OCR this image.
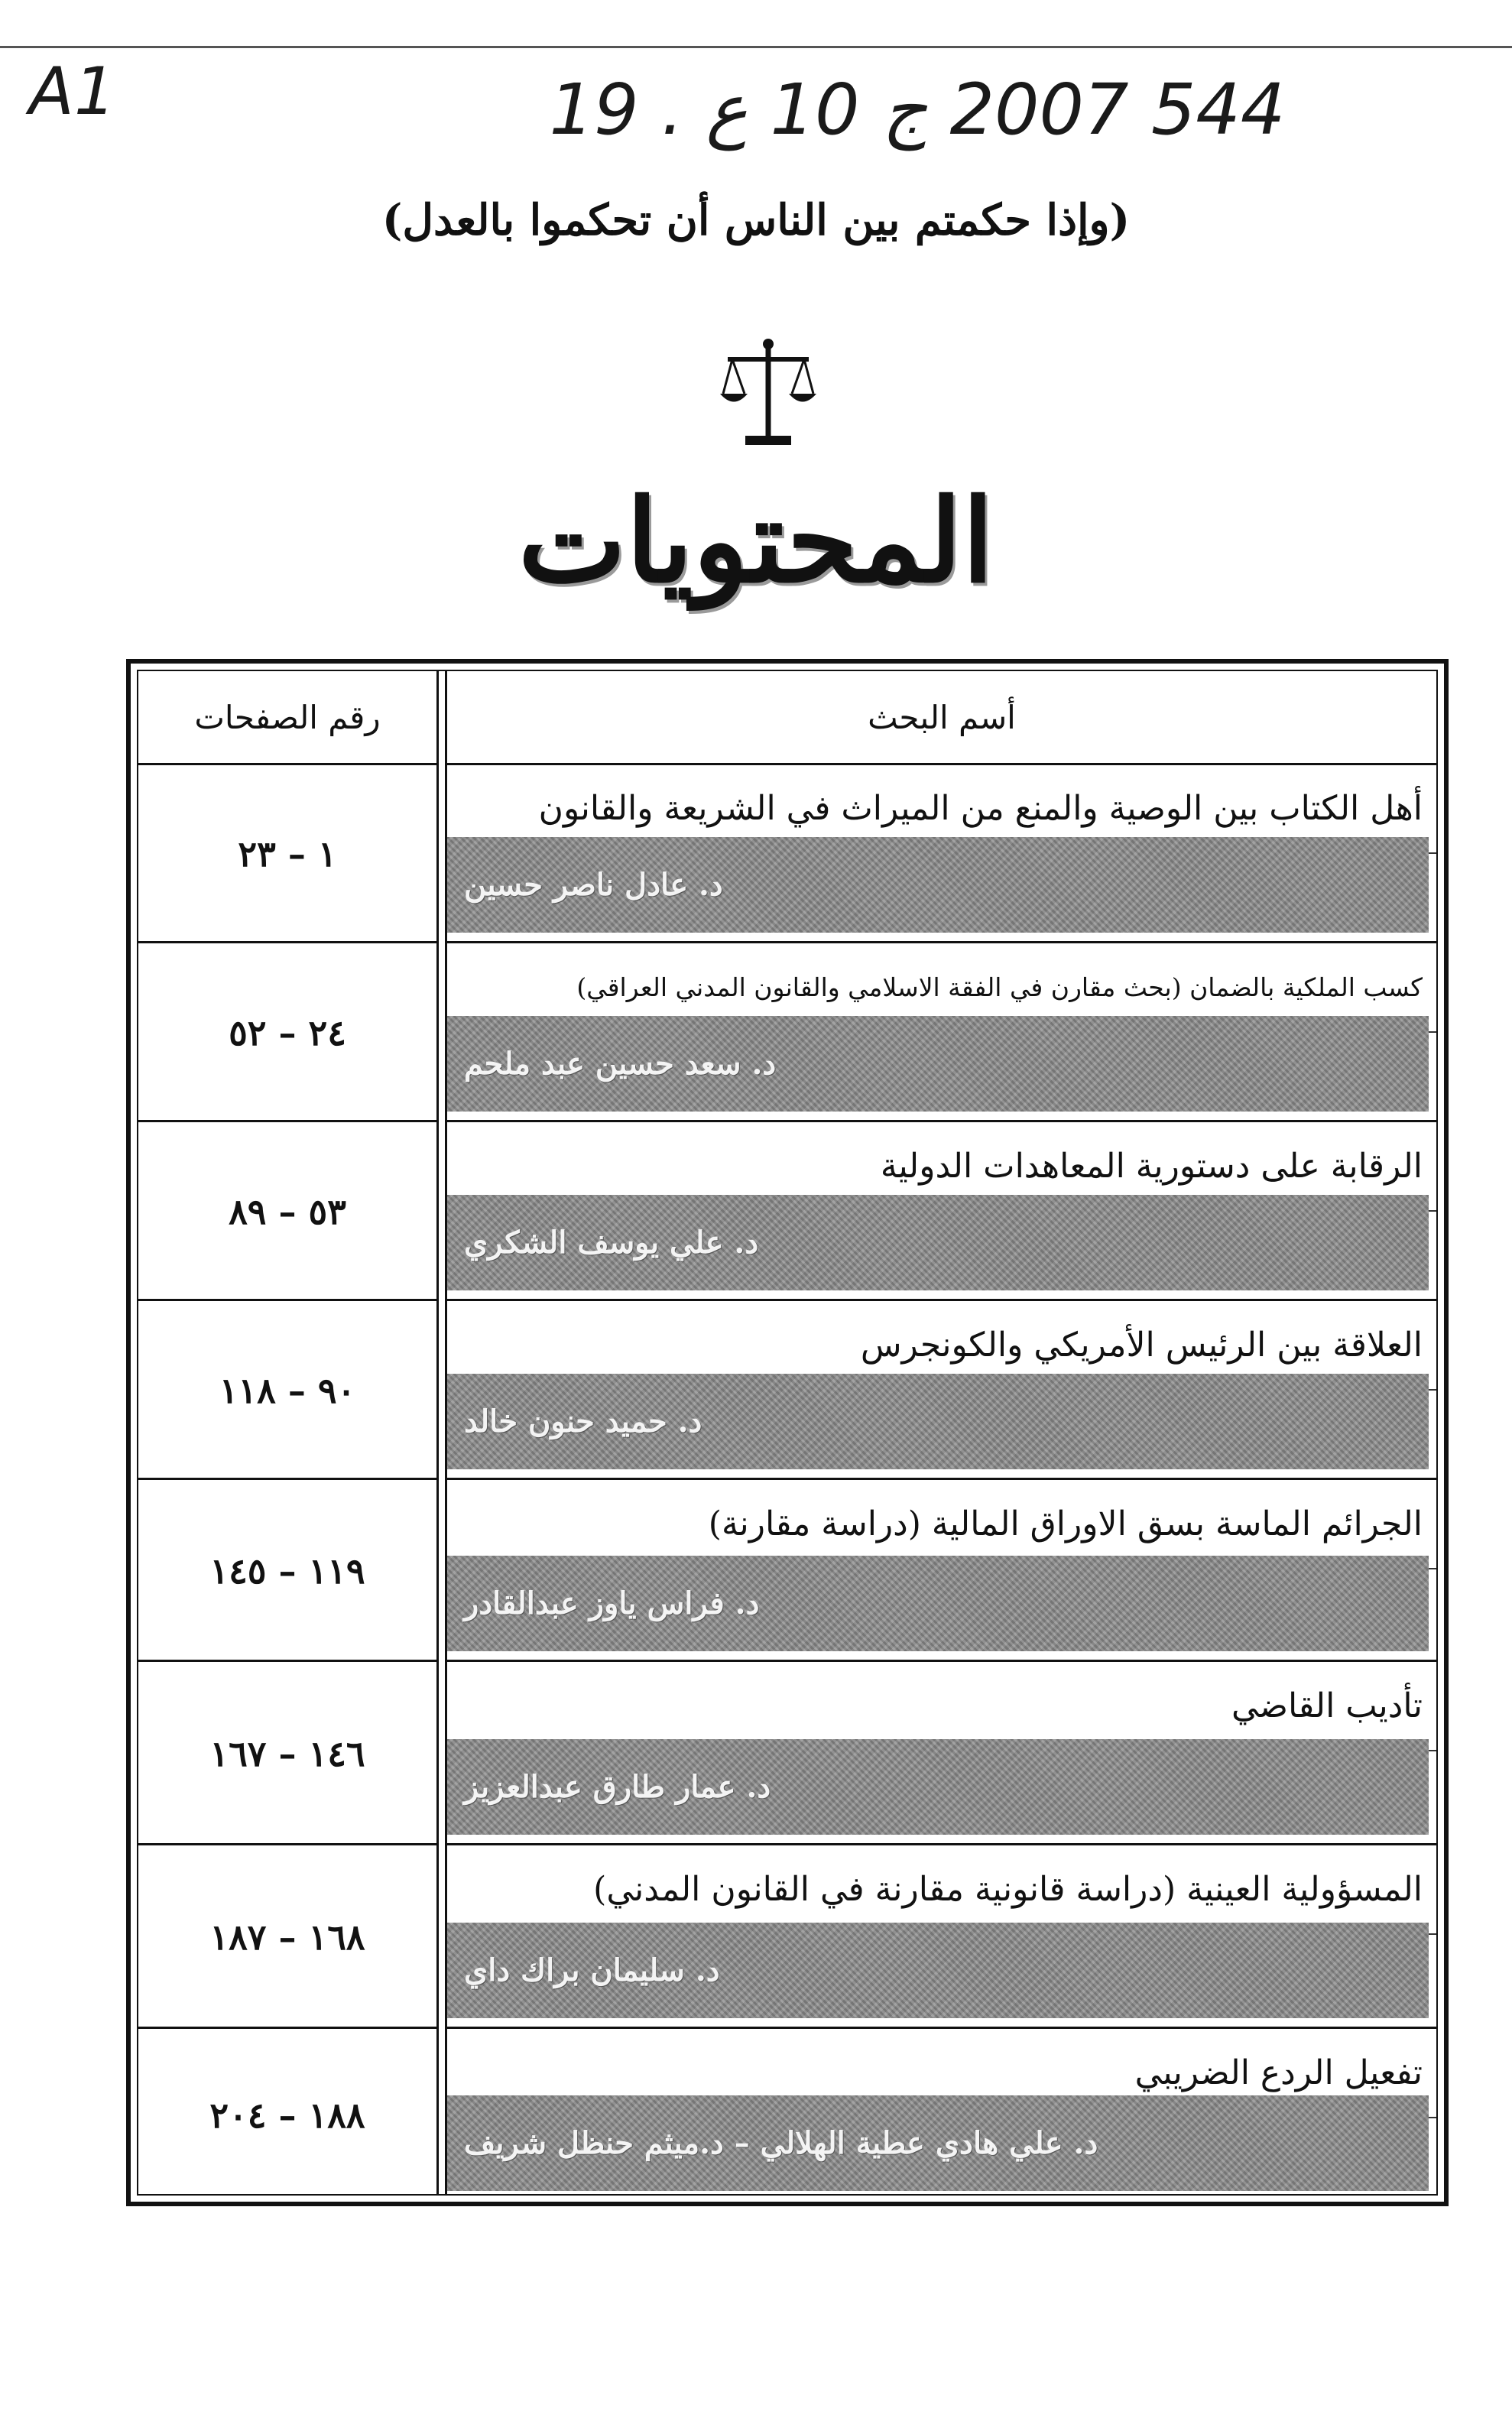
A1	544 2007 ج 10 ع . 19
(وإذا حكمتم بين الناس أن تحكموا بالعدل)
المحتويات
رقم الصفحات	أسم البحث
١ – ٢٣
أهل الكتاب بين الوصية والمنع من الميراث في الشريعة والقانون
د. عادل ناصر حسين
٢٤ – ٥٢
كسب الملكية بالضمان (بحث مقارن في الفقة الاسلامي والقانون المدني العراقي)
د. سعد حسين عبد ملحم
٥٣ – ٨٩
الرقابة على دستورية المعاهدات الدولية
د. علي يوسف الشكري
٩٠ – ١١٨
العلاقة بين الرئيس الأمريكي والكونجرس
د. حميد حنون خالد
١١٩ – ١٤٥
الجرائم الماسة بسق الاوراق المالية (دراسة مقارنة)
د. فراس ياوز عبدالقادر
١٤٦ – ١٦٧
تأديب القاضي
د. عمار طارق عبدالعزيز
١٦٨ – ١٨٧
المسؤولية العينية (دراسة قانونية مقارنة في القانون المدني)
د. سليمان براك داي
١٨٨ – ٢٠٤
تفعيل الردع الضريبي
د. علي هادي عطية الهلالي – د.ميثم حنظل شريف
